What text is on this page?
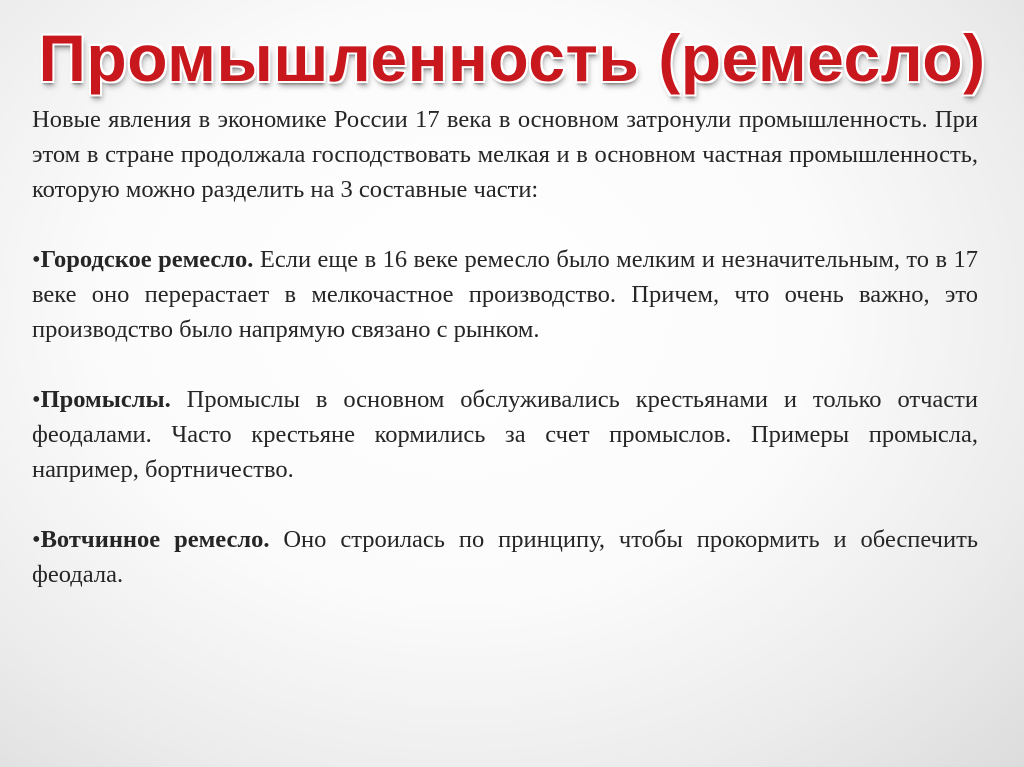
Промышленность (ремесло)

Новые явления в экономике России 17 века в основном затронули промышленность. При этом в стране продолжала господствовать мелкая и в основном частная промышленность, которую можно разделить на 3 составные части:

•Городское ремесло. Если еще в 16 веке ремесло было мелким и незначительным, то в 17 веке оно перерастает в мелкочастное производство. Причем, что очень важно, это производство было напрямую связано с рынком.

•Промыслы. Промыслы в основном обслуживались крестьянами и только отчасти феодалами. Часто крестьяне кормились за счет промыслов. Примеры промысла, например, бортничество.

•Вотчинное ремесло. Оно строилась по принципу, чтобы прокормить и обеспечить феодала.
